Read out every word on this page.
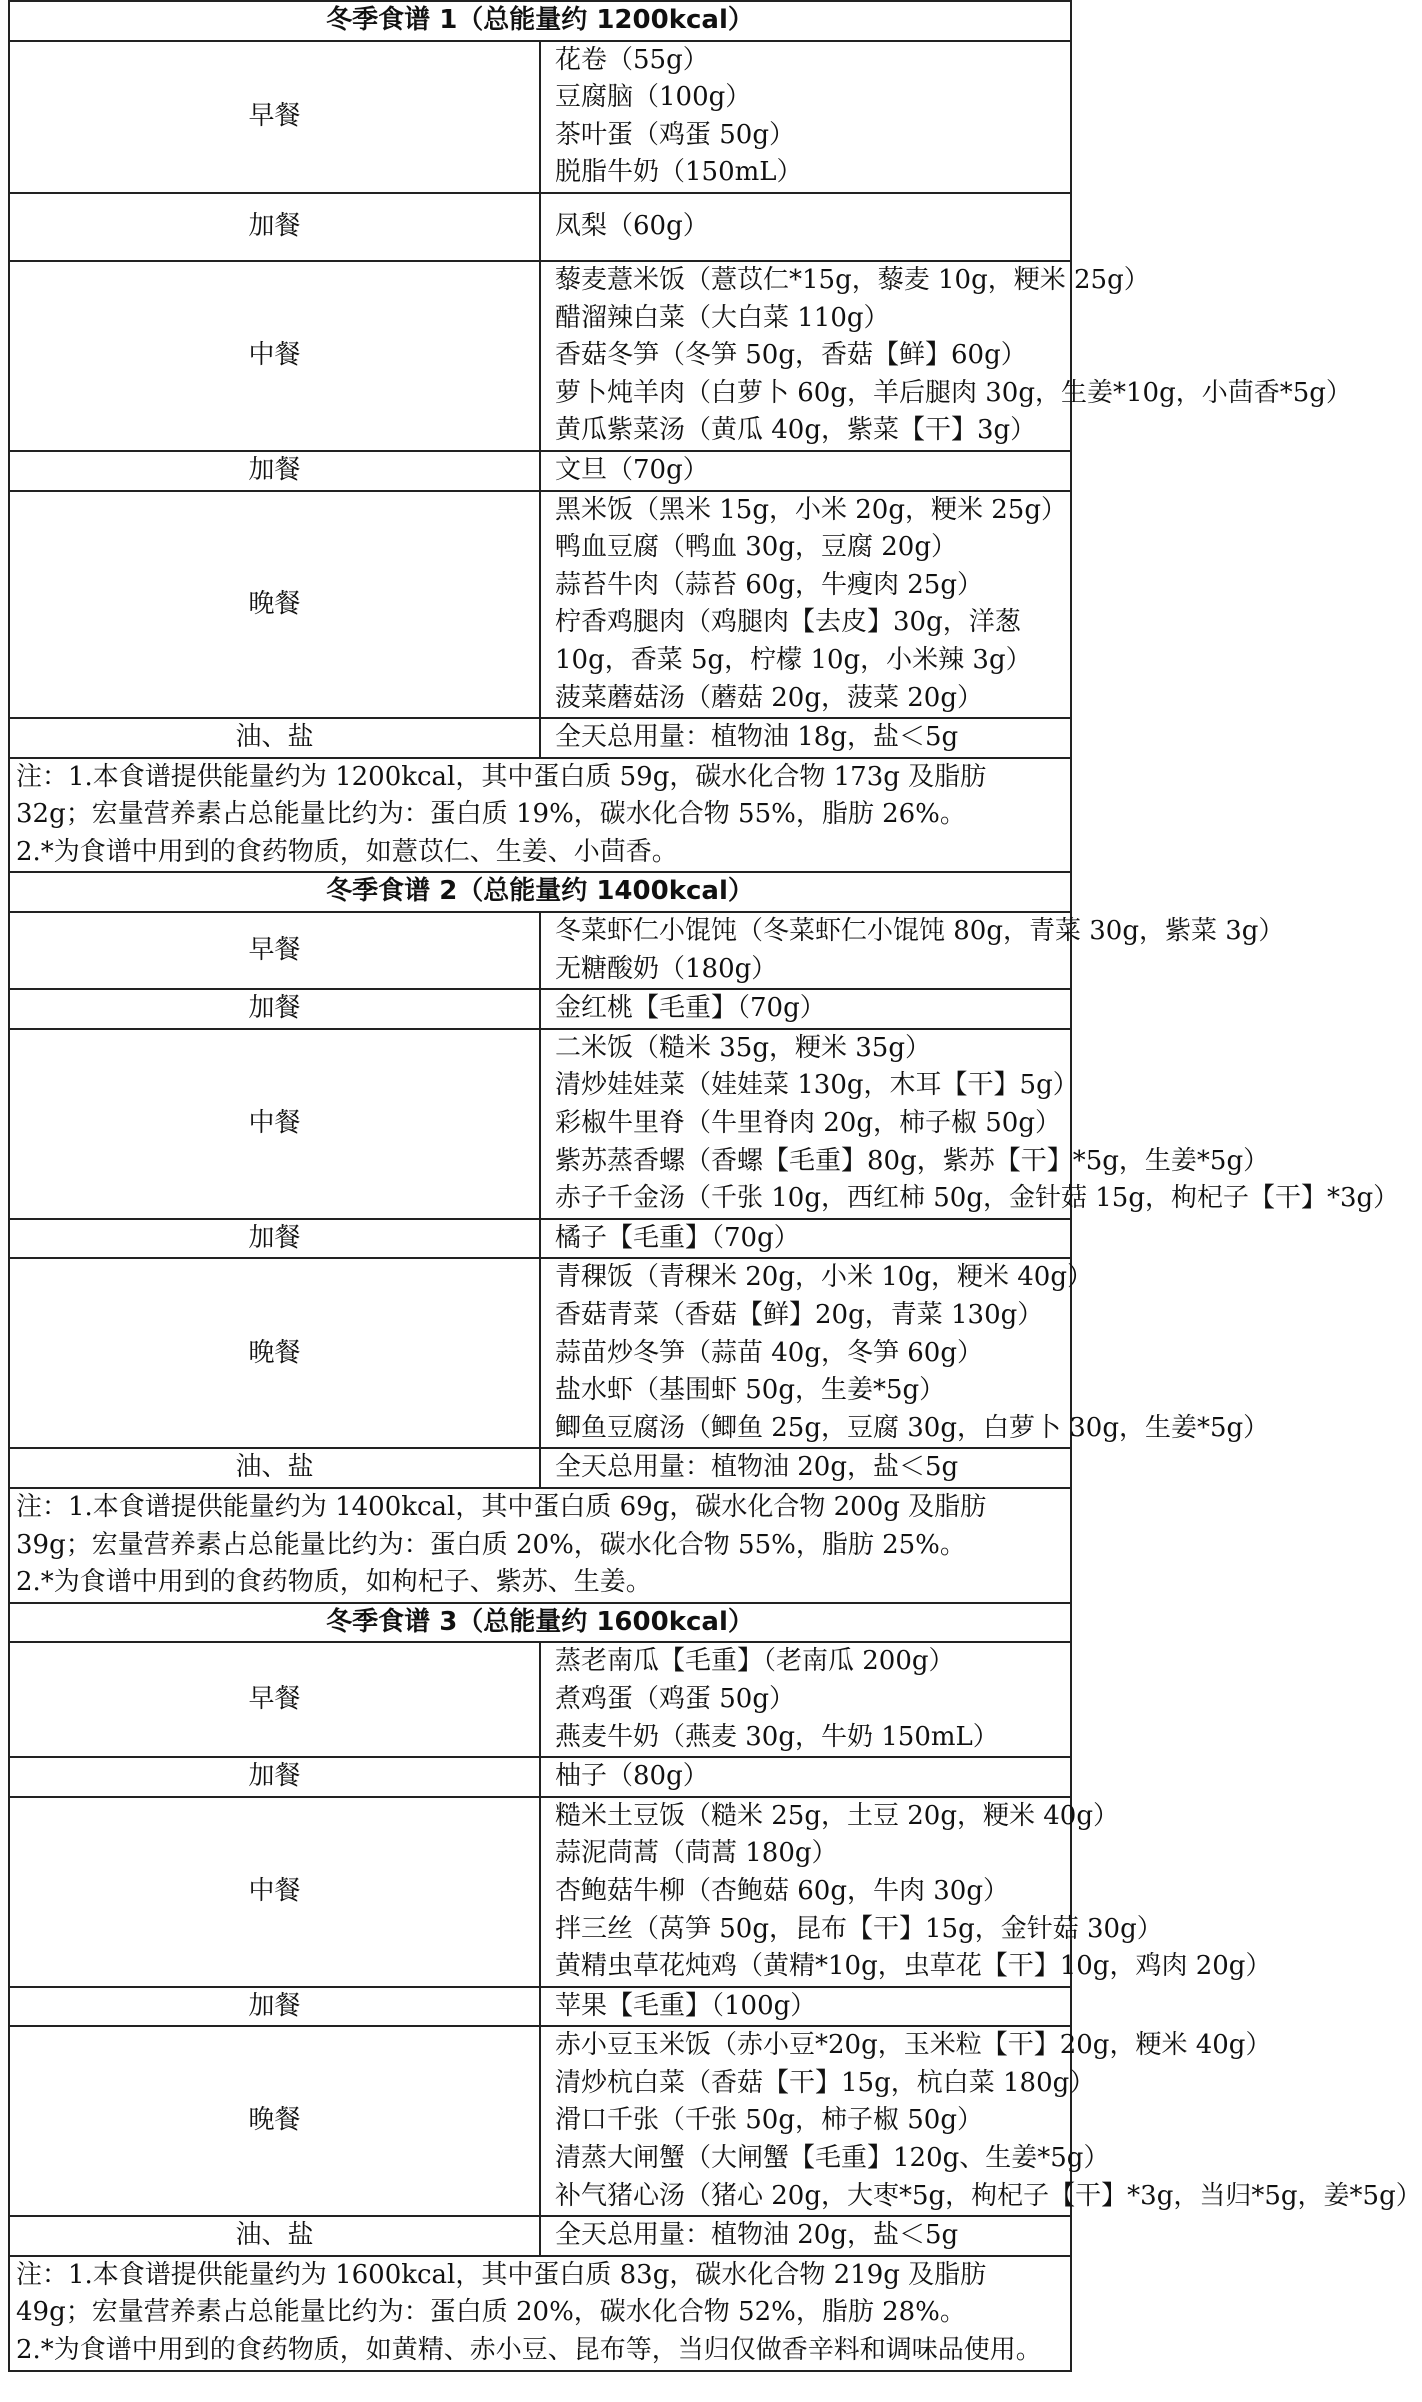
冬季食谱 1（总能量约 1200kcal）	
早餐	花卷（55g）
豆腐脑（100g）
茶叶蛋（鸡蛋 50g）
脱脂牛奶（150mL）

加餐	凤梨（60g）

中餐	藜麦薏米饭（薏苡仁*15g，藜麦 10g，粳米 25g）
醋溜辣白菜（大白菜 110g）
香菇冬笋（冬笋 50g，香菇【鲜】60g）
萝卜炖羊肉（白萝卜 60g，羊后腿肉 30g，生姜*10g，小茴香*5g）
黄瓜紫菜汤（黄瓜 40g，紫菜【干】3g）

加餐	文旦（70g）

晚餐	黑米饭（黑米 15g，小米 20g，粳米 25g）
鸭血豆腐（鸭血 30g，豆腐 20g）
蒜苔牛肉（蒜苔 60g，牛瘦肉 25g）
柠香鸡腿肉（鸡腿肉【去皮】30g，洋葱 10g，香菜 5g，柠檬 10g，小米辣 3g）
菠菜蘑菇汤（蘑菇 20g，菠菜 20g）

油、盐	全天总用量：植物油 18g，盐＜5g

注：1.本食谱提供能量约为 1200kcal，其中蛋白质 59g，碳水化合物 173g 及脂肪 32g；宏量营养素占总能量比约为：蛋白质 19%，碳水化合物 55%，脂肪 26%。
2.*为食谱中用到的食药物质，如薏苡仁、生姜、小茴香。	

冬季食谱 2（总能量约 1400kcal）	
早餐	冬菜虾仁小馄饨（冬菜虾仁小馄饨 80g，青菜 30g，紫菜 3g）
无糖酸奶（180g）

加餐	金红桃【毛重】（70g）

中餐	二米饭（糙米 35g，粳米 35g）
清炒娃娃菜（娃娃菜 130g，木耳【干】5g）
彩椒牛里脊（牛里脊肉 20g，柿子椒 50g）
紫苏蒸香螺（香螺【毛重】80g，紫苏【干】*5g，生姜*5g）
赤子千金汤（千张 10g，西红柿 50g，金针菇 15g，枸杞子【干】*3g）

加餐	橘子【毛重】（70g）

晚餐	青稞饭（青稞米 20g，小米 10g，粳米 40g）
香菇青菜（香菇【鲜】20g，青菜 130g）
蒜苗炒冬笋（蒜苗 40g，冬笋 60g）
盐水虾（基围虾 50g，生姜*5g）
鲫鱼豆腐汤（鲫鱼 25g，豆腐 30g，白萝卜 30g，生姜*5g）

油、盐	全天总用量：植物油 20g，盐＜5g

注：1.本食谱提供能量约为 1400kcal，其中蛋白质 69g，碳水化合物 200g 及脂肪 39g；宏量营养素占总能量比约为：蛋白质 20%，碳水化合物 55%，脂肪 25%。
2.*为食谱中用到的食药物质，如枸杞子、紫苏、生姜。	

冬季食谱 3（总能量约 1600kcal）	
早餐	蒸老南瓜【毛重】（老南瓜 200g）
煮鸡蛋（鸡蛋 50g）
燕麦牛奶（燕麦 30g，牛奶 150mL）

加餐	柚子（80g）

中餐	糙米土豆饭（糙米 25g，土豆 20g，粳米 40g）
蒜泥茼蒿（茼蒿 180g）
杏鲍菇牛柳（杏鲍菇 60g，牛肉 30g）
拌三丝（莴笋 50g，昆布【干】15g，金针菇 30g）
黄精虫草花炖鸡（黄精*10g，虫草花【干】10g，鸡肉 20g）

加餐	苹果【毛重】（100g）

晚餐	赤小豆玉米饭（赤小豆*20g，玉米粒【干】20g，粳米 40g）
清炒杭白菜（香菇【干】15g，杭白菜 180g）
滑口千张（千张 50g，柿子椒 50g）
清蒸大闸蟹（大闸蟹【毛重】120g、生姜*5g）
补气猪心汤（猪心 20g，大枣*5g，枸杞子【干】*3g，当归*5g，姜*5g）

油、盐	全天总用量：植物油 20g，盐＜5g

注：1.本食谱提供能量约为 1600kcal，其中蛋白质 83g，碳水化合物 219g 及脂肪 49g；宏量营养素占总能量比约为：蛋白质 20%，碳水化合物 52%，脂肪 28%。
2.*为食谱中用到的食药物质，如黄精、赤小豆、昆布等，当归仅做香辛料和调味品使用。	
